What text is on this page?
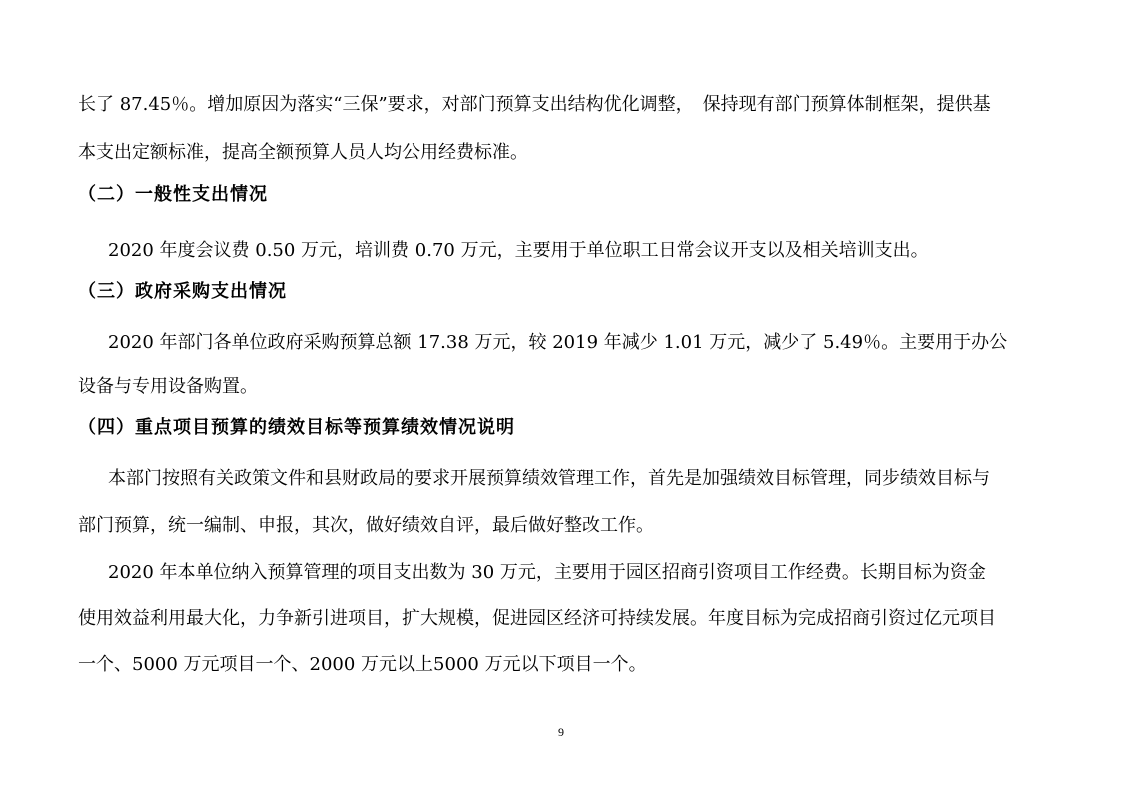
长了 87.45％。增加原因为落实“三保”要求，对部门预算支出结构优化调整，　保持现有部门预算体制框架，提供基
本支出定额标准，提高全额预算人员人均公用经费标准。
（二）一般性支出情况
2020 年度会议费 0.50 万元，培训费 0.70 万元，主要用于单位职工日常会议开支以及相关培训支出。
（三）政府采购支出情况
2020 年部门各单位政府采购预算总额 17.38 万元，较 2019 年减少 1.01 万元，减少了 5.49％。主要用于办公
设备与专用设备购置。
（四）重点项目预算的绩效目标等预算绩效情况说明
本部门按照有关政策文件和县财政局的要求开展预算绩效管理工作，首先是加强绩效目标管理，同步绩效目标与
部门预算，统一编制、申报，其次，做好绩效自评，最后做好整改工作。
2020 年本单位纳入预算管理的项目支出数为 30 万元，主要用于园区招商引资项目工作经费。长期目标为资金
使用效益利用最大化，力争新引进项目，扩大规模，促进园区经济可持续发展。年度目标为完成招商引资过亿元项目
一个、5000 万元项目一个、2000 万元以上5000 万元以下项目一个。
9
